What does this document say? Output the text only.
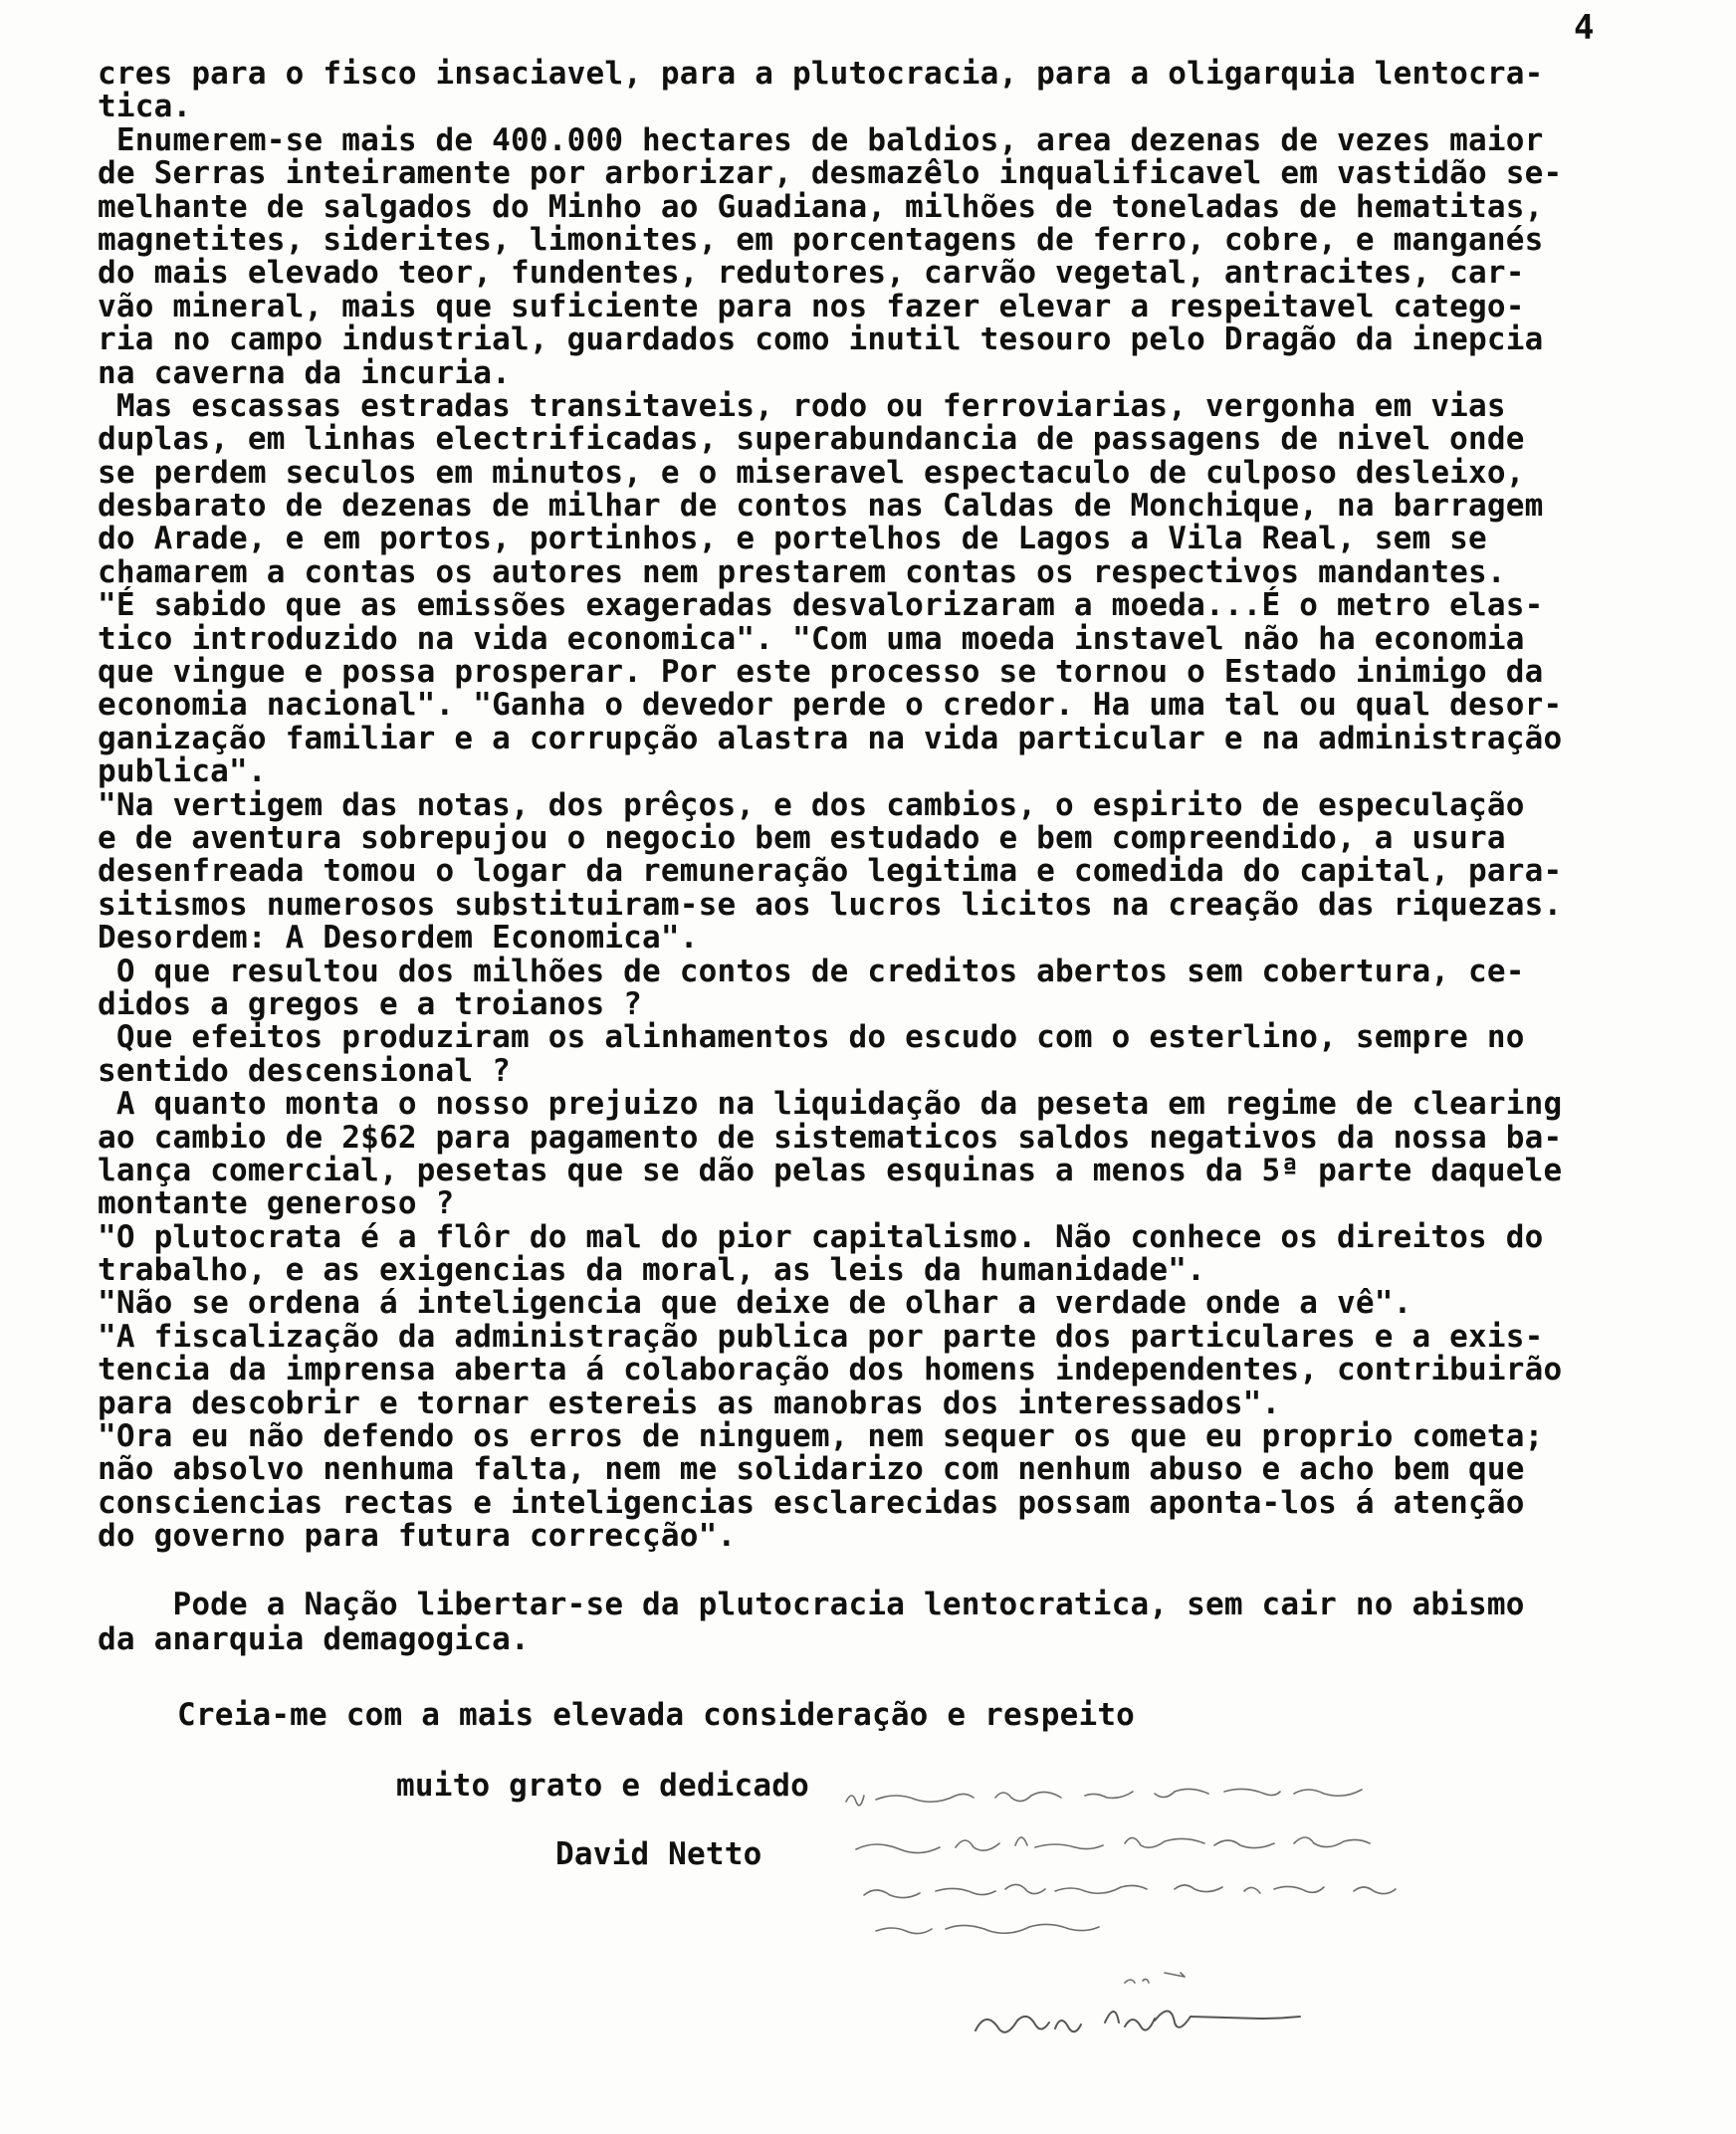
4
cres para o fisco insaciavel, para a plutocracia, para a oligarquia lentocra-
tica.
Enumerem-se mais de 400.000 hectares de baldios, area dezenas de vezes maior
de Serras inteiramente por arborizar, desmazêlo inqualificavel em vastidão se-
melhante de salgados do Minho ao Guadiana, milhões de toneladas de hematitas,
magnetites, siderites, limonites, em porcentagens de ferro, cobre, e manganés
do mais elevado teor, fundentes, redutores, carvão vegetal, antracites, car-
vão mineral, mais que suficiente para nos fazer elevar a respeitavel catego-
ria no campo industrial, guardados como inutil tesouro pelo Dragão da inepcia
na caverna da incuria.
Mas escassas estradas transitaveis, rodo ou ferroviarias, vergonha em vias
duplas, em linhas electrificadas, superabundancia de passagens de nivel onde
se perdem seculos em minutos, e o miseravel espectaculo de culposo desleixo,
desbarato de dezenas de milhar de contos nas Caldas de Monchique, na barragem
do Arade, e em portos, portinhos, e portelhos de Lagos a Vila Real, sem se
chamarem a contas os autores nem prestarem contas os respectivos mandantes.
"É sabido que as emissões exageradas desvalorizaram a moeda...É o metro elas-
tico introduzido na vida economica". "Com uma moeda instavel não ha economia
que vingue e possa prosperar. Por este processo se tornou o Estado inimigo da
economia nacional". "Ganha o devedor perde o credor. Ha uma tal ou qual desor-
ganização familiar e a corrupção alastra na vida particular e na administração
publica".
"Na vertigem das notas, dos prêços, e dos cambios, o espirito de especulação
e de aventura sobrepujou o negocio bem estudado e bem compreendido, a usura
desenfreada tomou o logar da remuneração legitima e comedida do capital, para-
sitismos numerosos substituiram-se aos lucros licitos na creação das riquezas.
Desordem: A Desordem Economica".
O que resultou dos milhões de contos de creditos abertos sem cobertura, ce-
didos a gregos e a troianos ?
Que efeitos produziram os alinhamentos do escudo com o esterlino, sempre no
sentido descensional ?
A quanto monta o nosso prejuizo na liquidação da peseta em regime de clearing
ao cambio de 2$62 para pagamento de sistematicos saldos negativos da nossa ba-
lança comercial, pesetas que se dão pelas esquinas a menos da 5ª parte daquele
montante generoso ?
"O plutocrata é a flôr do mal do pior capitalismo. Não conhece os direitos do
trabalho, e as exigencias da moral, as leis da humanidade".
"Não se ordena á inteligencia que deixe de olhar a verdade onde a vê".
"A fiscalização da administração publica por parte dos particulares e a exis-
tencia da imprensa aberta á colaboração dos homens independentes, contribuirão
para descobrir e tornar estereis as manobras dos interessados".
"Ora eu não defendo os erros de ninguem, nem sequer os que eu proprio cometa;
não absolvo nenhuma falta, nem me solidarizo com nenhum abuso e acho bem que
consciencias rectas e inteligencias esclarecidas possam aponta-los á atenção
do governo para futura correcção".
Pode a Nação libertar-se da plutocracia lentocratica, sem cair no abismo
da anarquia demagogica.
Creia-me com a mais elevada consideração e respeito
muito grato e dedicado
David Netto
